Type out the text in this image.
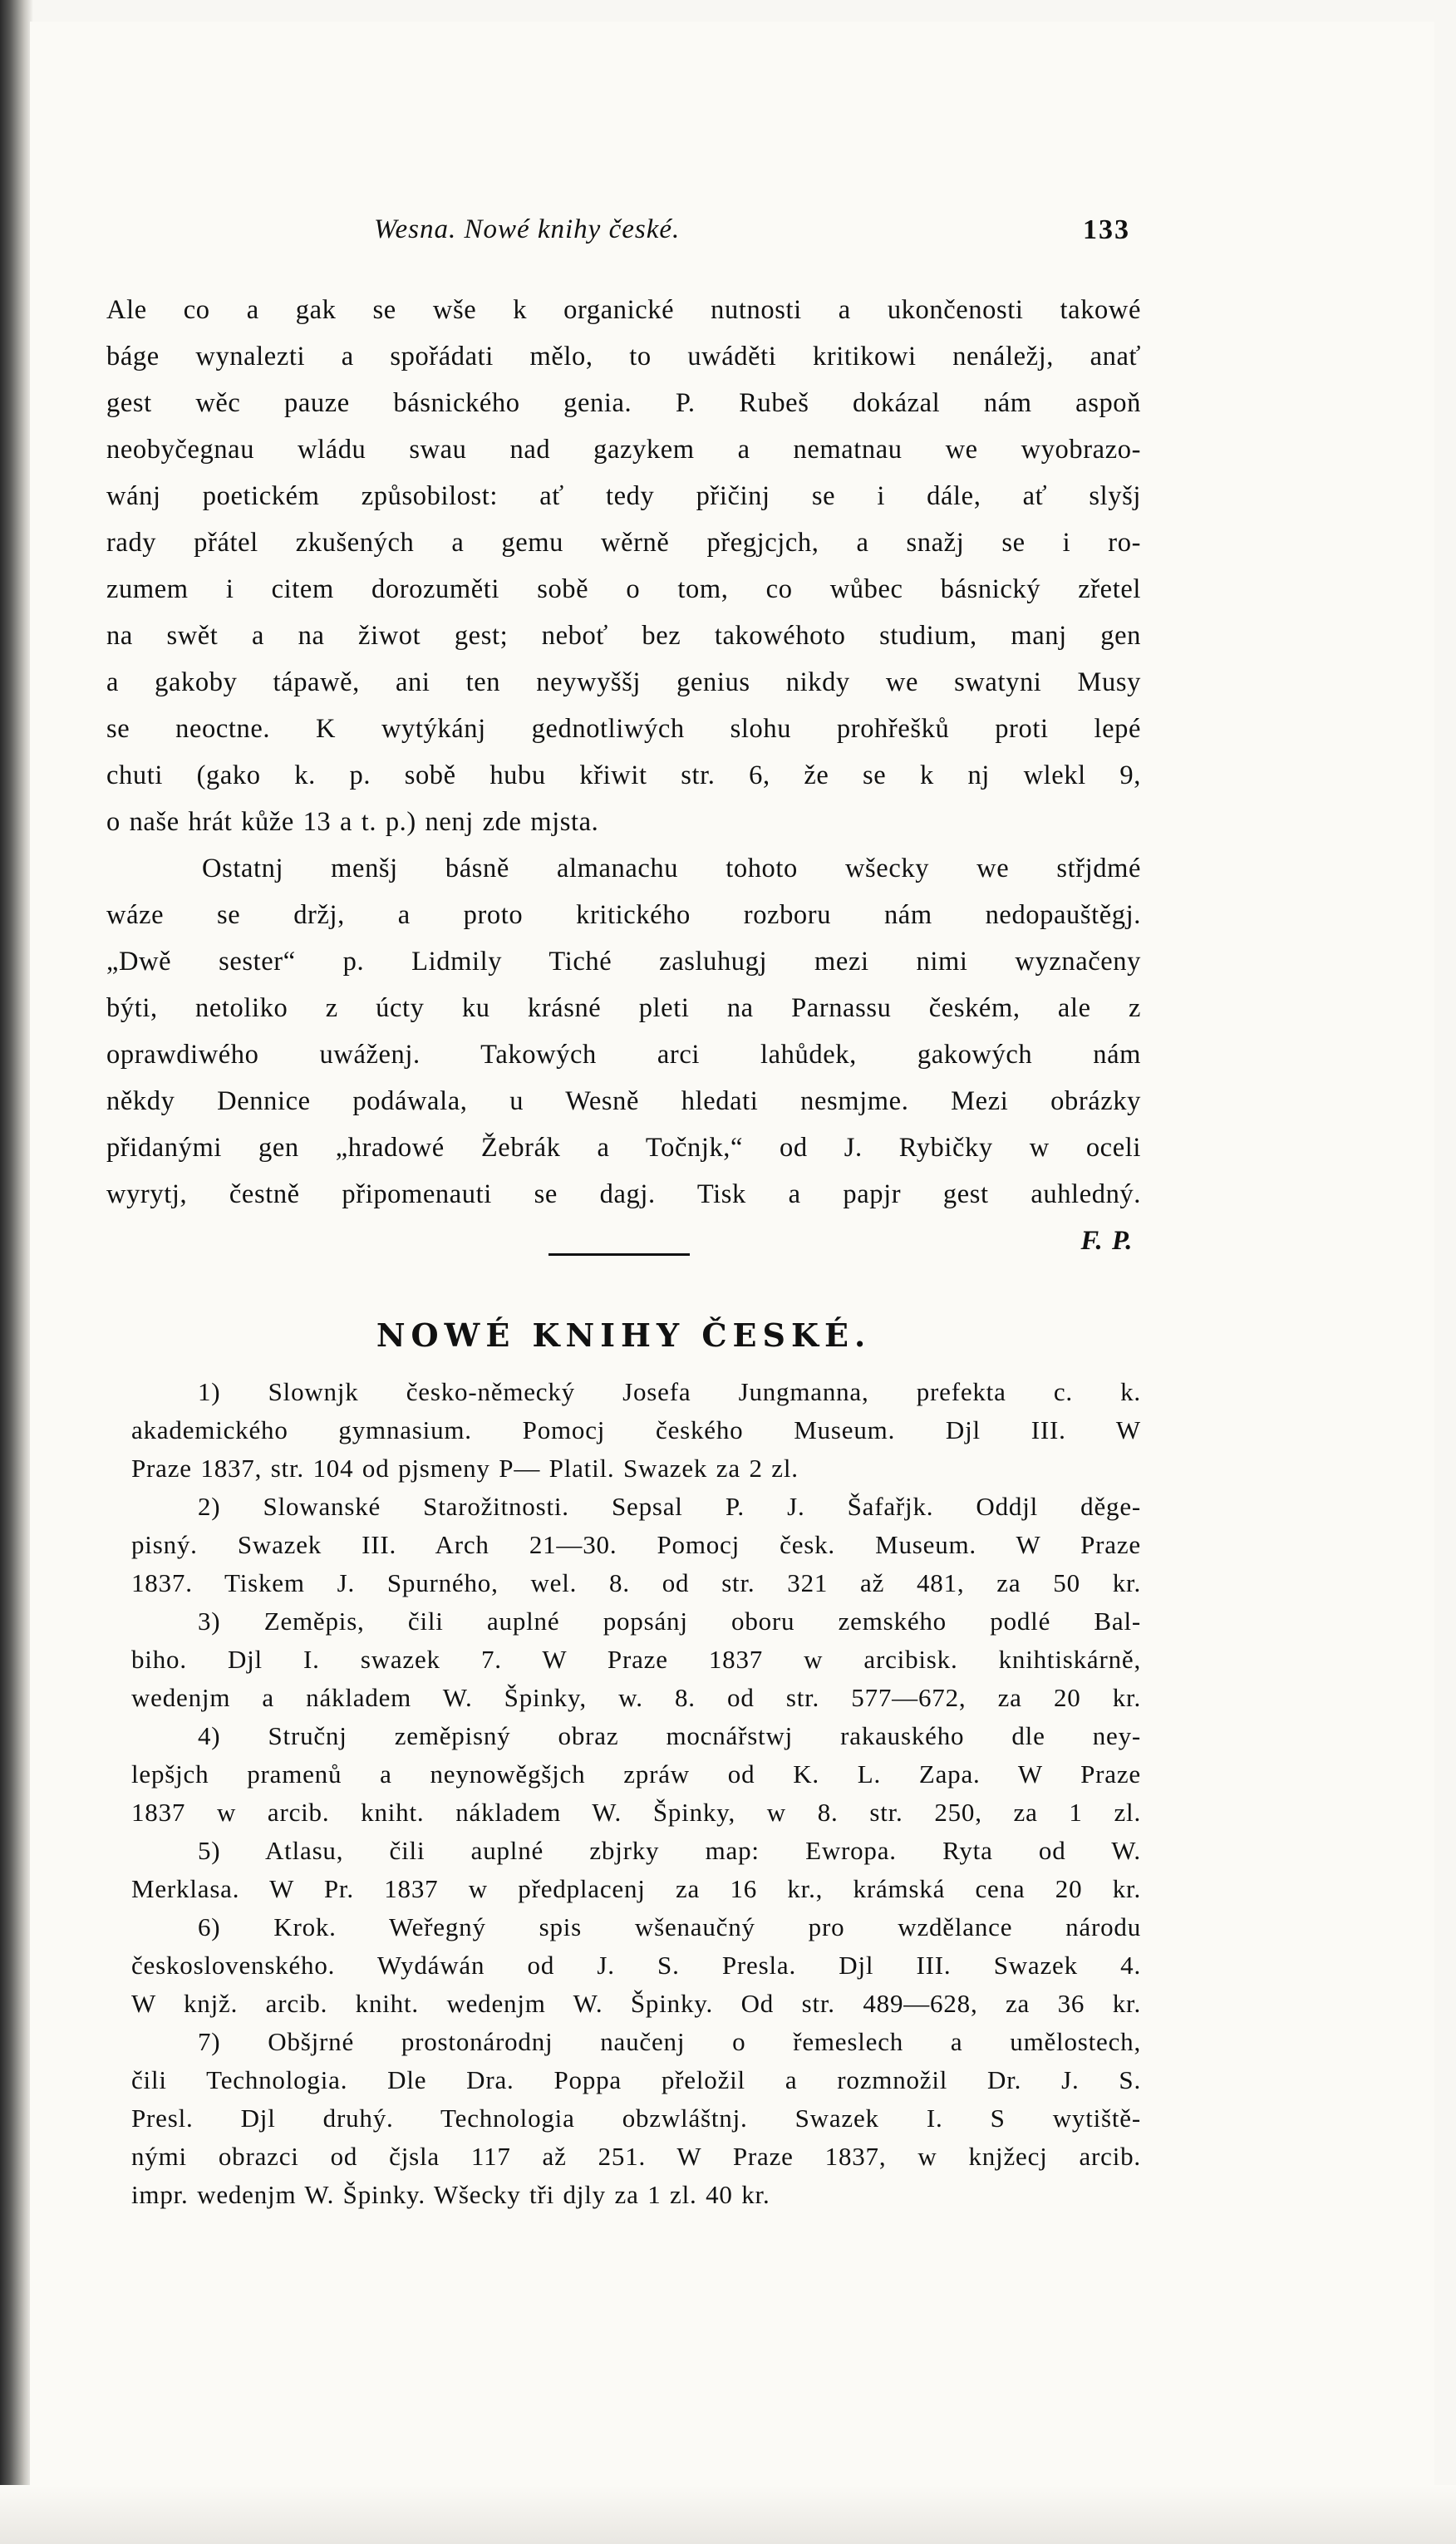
Wesna. Nowé knihy české.	133
Ale co a gak se wše k organické nutnosti a ukončenosti takowé
báge wynalezti a spořádati mělo, to uwáděti kritikowi nenáležj, anať
gest wěc pauze básnického genia. P. Rubeš dokázal nám aspoň
neobyčegnau wládu swau nad gazykem a nematnau we wyobrazo-
wánj poetickém způsobilost: ať tedy přičinj se i dále, ať slyšj
rady přátel zkušených a gemu wěrně přegjcjch, a snažj se i ro-
zumem i citem dorozuměti sobě o tom, co wůbec básnický zřetel
na swět a na žiwot gest; neboť bez takowéhoto studium, manj gen
a gakoby tápawě, ani ten neywyššj genius nikdy we swatyni Musy
se neoctne. K wytýkánj gednotliwých slohu prohřešků proti lepé
chuti (gako k. p. sobě hubu křiwit str. 6, že se k nj wlekl 9,
o naše hrát kůže 13 a t. p.) nenj zde mjsta.
Ostatnj menšj básně almanachu tohoto wšecky we střjdmé
wáze se držj, a proto kritického rozboru nám nedopauštěgj.
„Dwě sester“ p. Lidmily Tiché zasluhugj mezi nimi wyznačeny
býti, netoliko z úcty ku krásné pleti na Parnassu českém, ale z
oprawdiwého uwáženj. Takowých arci lahůdek, gakowých nám
někdy Dennice podáwala, u Wesně hledati nesmjme. Mezi obrázky
přidanými gen „hradowé Žebrák a Točnjk,“ od J. Rybičky w oceli
wyrytj, čestně připomenauti se dagj. Tisk a papjr gest auhledný.
F. P.
NOWÉ KNIHY ČESKÉ.
1) Slownjk česko-německý Josefa Jungmanna, prefekta c. k.
akademického gymnasium. Pomocj českého Museum. Djl III. W
Praze 1837, str. 104 od pjsmeny P— Platil. Swazek za 2 zl.
2) Slowanské Starožitnosti. Sepsal P. J. Šafařjk. Oddjl děge-
pisný. Swazek III. Arch 21—30. Pomocj česk. Museum. W Praze
1837. Tiskem J. Spurného, wel. 8. od str. 321 až 481, za 50 kr.
3) Zeměpis, čili auplné popsánj oboru zemského podlé Bal-
biho. Djl I. swazek 7. W Praze 1837 w arcibisk. knihtiskárně,
wedenjm a nákladem W. Špinky, w. 8. od str. 577—672, za 20 kr.
4) Stručnj zeměpisný obraz mocnářstwj rakauského dle ney-
lepšjch pramenů a neynowěgšjch zpráw od K. L. Zapa. W Praze
1837 w arcib. kniht. nákladem W. Špinky, w 8. str. 250, za 1 zl.
5) Atlasu, čili auplné zbjrky map: Ewropa. Ryta od W.
Merklasa. W Pr. 1837 w předplacenj za 16 kr., krámská cena 20 kr.
6) Krok. Weřegný spis wšenaučný pro wzdělance národu
československého. Wydáwán od J. S. Presla. Djl III. Swazek 4.
W knjž. arcib. kniht. wedenjm W. Špinky. Od str. 489—628, za 36 kr.
7) Obšjrné prostonárodnj naučenj o řemeslech a umělostech,
čili Technologia. Dle Dra. Poppa přeložil a rozmnožil Dr. J. S.
Presl. Djl druhý. Technologia obzwláštnj. Swazek I. S wytiště-
nými obrazci od čjsla 117 až 251. W Praze 1837, w knjžecj arcib.
impr. wedenjm W. Špinky. Wšecky tři djly za 1 zl. 40 kr.
